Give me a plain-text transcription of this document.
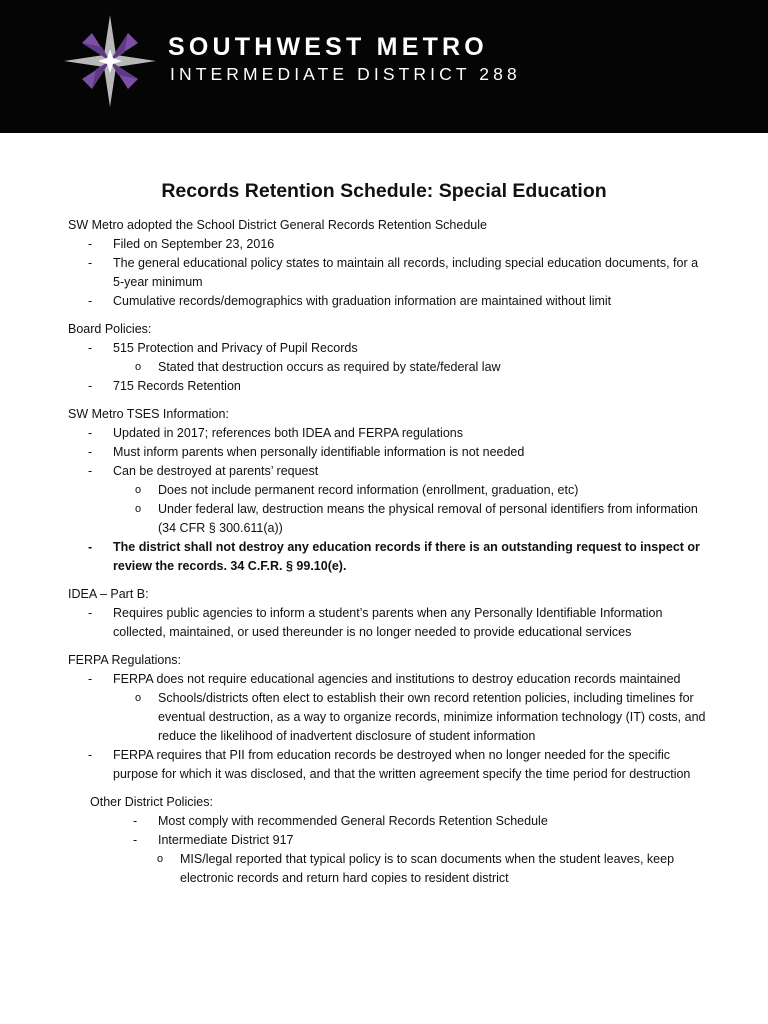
SOUTHWEST METRO
INTERMEDIATE DISTRICT 288
Records Retention Schedule: Special Education
SW Metro adopted the School District General Records Retention Schedule
- Filed on September 23, 2016
- The general educational policy states to maintain all records, including special education documents, for a 5-year minimum
- Cumulative records/demographics with graduation information are maintained without limit
Board Policies:
- 515 Protection and Privacy of Pupil Records
o Stated that destruction occurs as required by state/federal law
- 715 Records Retention
SW Metro TSES Information:
- Updated in 2017; references both IDEA and FERPA regulations
- Must inform parents when personally identifiable information is not needed
- Can be destroyed at parents’ request
o Does not include permanent record information (enrollment, graduation, etc)
o Under federal law, destruction means the physical removal of personal identifiers from information (34 CFR § 300.611(a))
- The district shall not destroy any education records if there is an outstanding request to inspect or review the records. 34 C.F.R. § 99.10(e).
IDEA – Part B:
- Requires public agencies to inform a student’s parents when any Personally Identifiable Information collected, maintained, or used thereunder is no longer needed to provide educational services
FERPA Regulations:
- FERPA does not require educational agencies and institutions to destroy education records maintained
o Schools/districts often elect to establish their own record retention policies, including timelines for eventual destruction, as a way to organize records, minimize information technology (IT) costs, and reduce the likelihood of inadvertent disclosure of student information
- FERPA requires that PII from education records be destroyed when no longer needed for the specific purpose for which it was disclosed, and that the written agreement specify the time period for destruction
Other District Policies:
- Most comply with recommended General Records Retention Schedule
- Intermediate District 917
o MIS/legal reported that typical policy is to scan documents when the student leaves, keep electronic records and return hard copies to resident district
